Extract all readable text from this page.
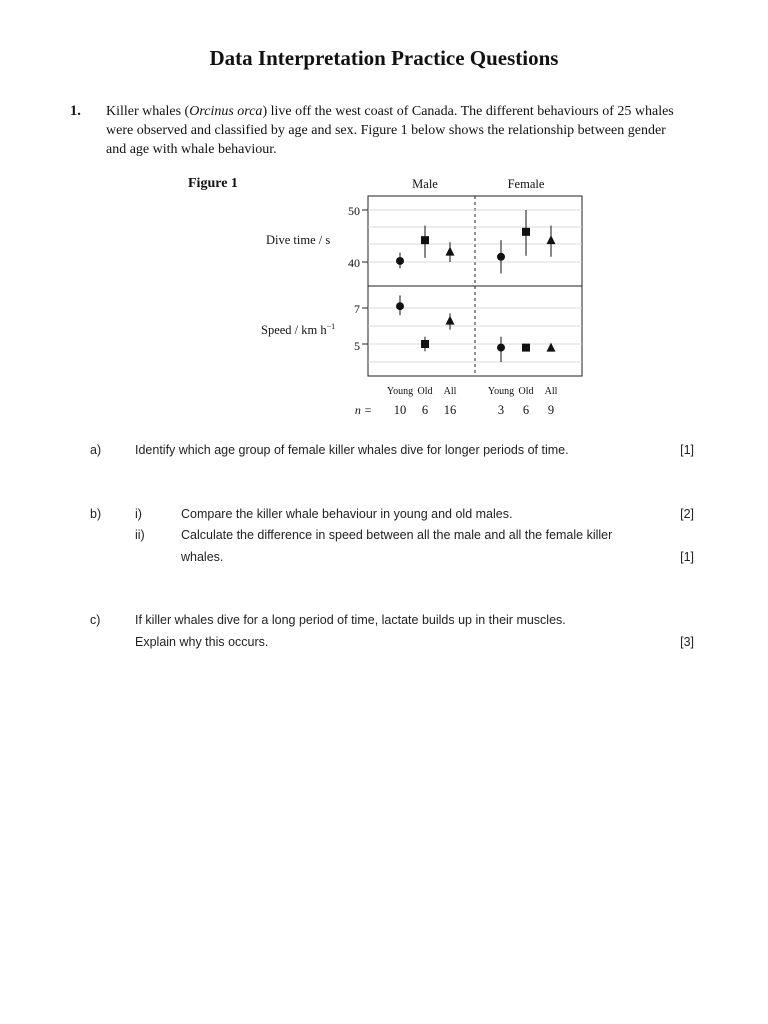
Data Interpretation Practice Questions
1. Killer whales (Orcinus orca) live off the west coast of Canada. The different behaviours of 25 whales were observed and classified by age and sex. Figure 1 below shows the relationship between gender and age with whale behaviour.
Figure 1
Dive time / s
Speed / km $h^{-1}$
Male	Female
50
40
7
5
Young Old All	Young Old All
n = 10 6 16	3 6 9
a)	Identify which age group of female killer whales dive for longer periods of time.	[1]
b)	i)	Compare the killer whale behaviour in young and old males.	[2]
ii)	Calculate the difference in speed between all the male and all the female killer
whales.	[1]
c)	If killer whales dive for a long period of time, lactate builds up in their muscles.
Explain why this occurs.	[3]
